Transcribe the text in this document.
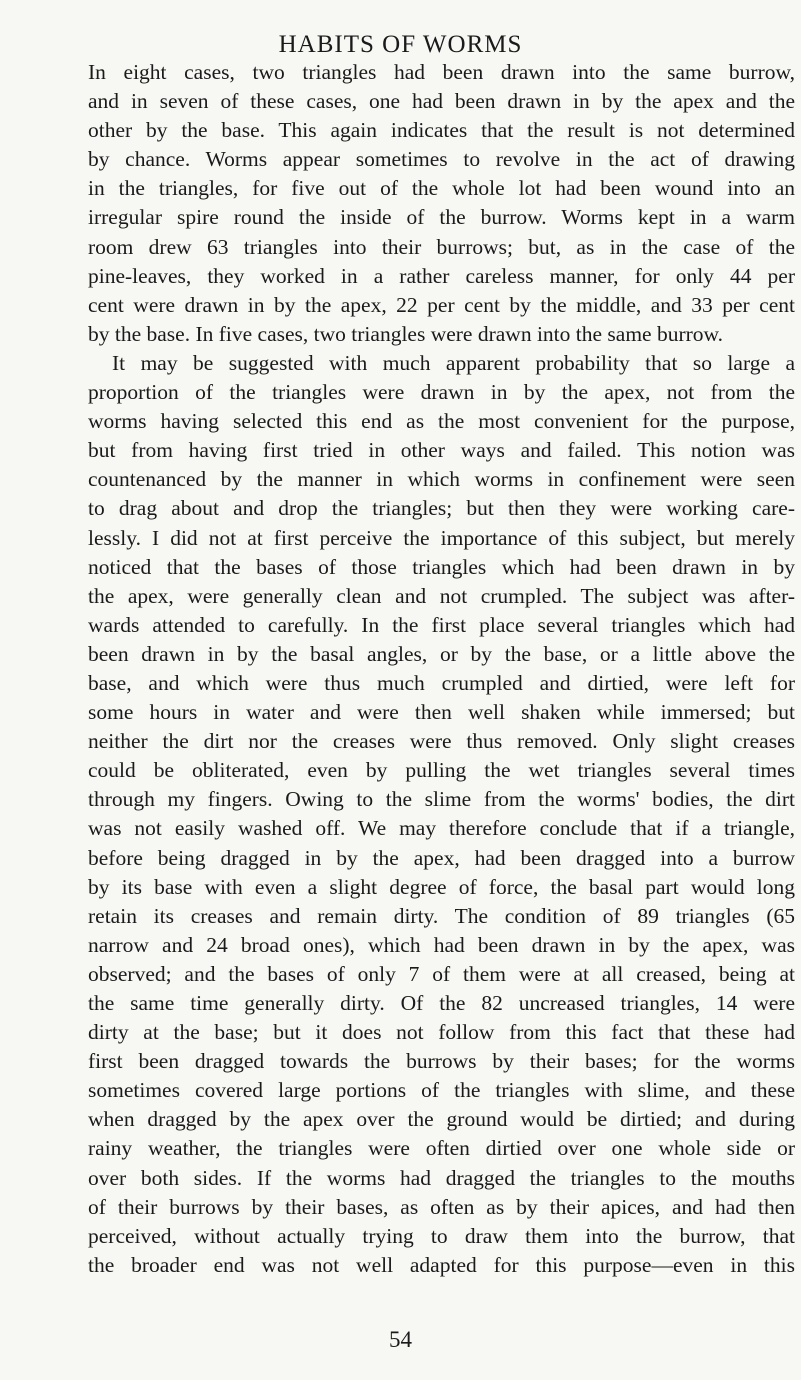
HABITS OF WORMS
In eight cases, two triangles had been drawn into the same burrow,
and in seven of these cases, one had been drawn in by the apex and the
other by the base. This again indicates that the result is not determined
by chance. Worms appear sometimes to revolve in the act of drawing
in the triangles, for five out of the whole lot had been wound into an
irregular spire round the inside of the burrow. Worms kept in a warm
room drew 63 triangles into their burrows; but, as in the case of the
pine-leaves, they worked in a rather careless manner, for only 44 per
cent were drawn in by the apex, 22 per cent by the middle, and 33 per cent
by the base. In five cases, two triangles were drawn into the same burrow.
It may be suggested with much apparent probability that so large a
proportion of the triangles were drawn in by the apex, not from the
worms having selected this end as the most convenient for the purpose,
but from having first tried in other ways and failed. This notion was
countenanced by the manner in which worms in confinement were seen
to drag about and drop the triangles; but then they were working care-
lessly. I did not at first perceive the importance of this subject, but merely
noticed that the bases of those triangles which had been drawn in by
the apex, were generally clean and not crumpled. The subject was after-
wards attended to carefully. In the first place several triangles which had
been drawn in by the basal angles, or by the base, or a little above the
base, and which were thus much crumpled and dirtied, were left for
some hours in water and were then well shaken while immersed; but
neither the dirt nor the creases were thus removed. Only slight creases
could be obliterated, even by pulling the wet triangles several times
through my fingers. Owing to the slime from the worms' bodies, the dirt
was not easily washed off. We may therefore conclude that if a triangle,
before being dragged in by the apex, had been dragged into a burrow
by its base with even a slight degree of force, the basal part would long
retain its creases and remain dirty. The condition of 89 triangles (65
narrow and 24 broad ones), which had been drawn in by the apex, was
observed; and the bases of only 7 of them were at all creased, being at
the same time generally dirty. Of the 82 uncreased triangles, 14 were
dirty at the base; but it does not follow from this fact that these had
first been dragged towards the burrows by their bases; for the worms
sometimes covered large portions of the triangles with slime, and these
when dragged by the apex over the ground would be dirtied; and during
rainy weather, the triangles were often dirtied over one whole side or
over both sides. If the worms had dragged the triangles to the mouths
of their burrows by their bases, as often as by their apices, and had then
perceived, without actually trying to draw them into the burrow, that
the broader end was not well adapted for this purpose—even in this
54
